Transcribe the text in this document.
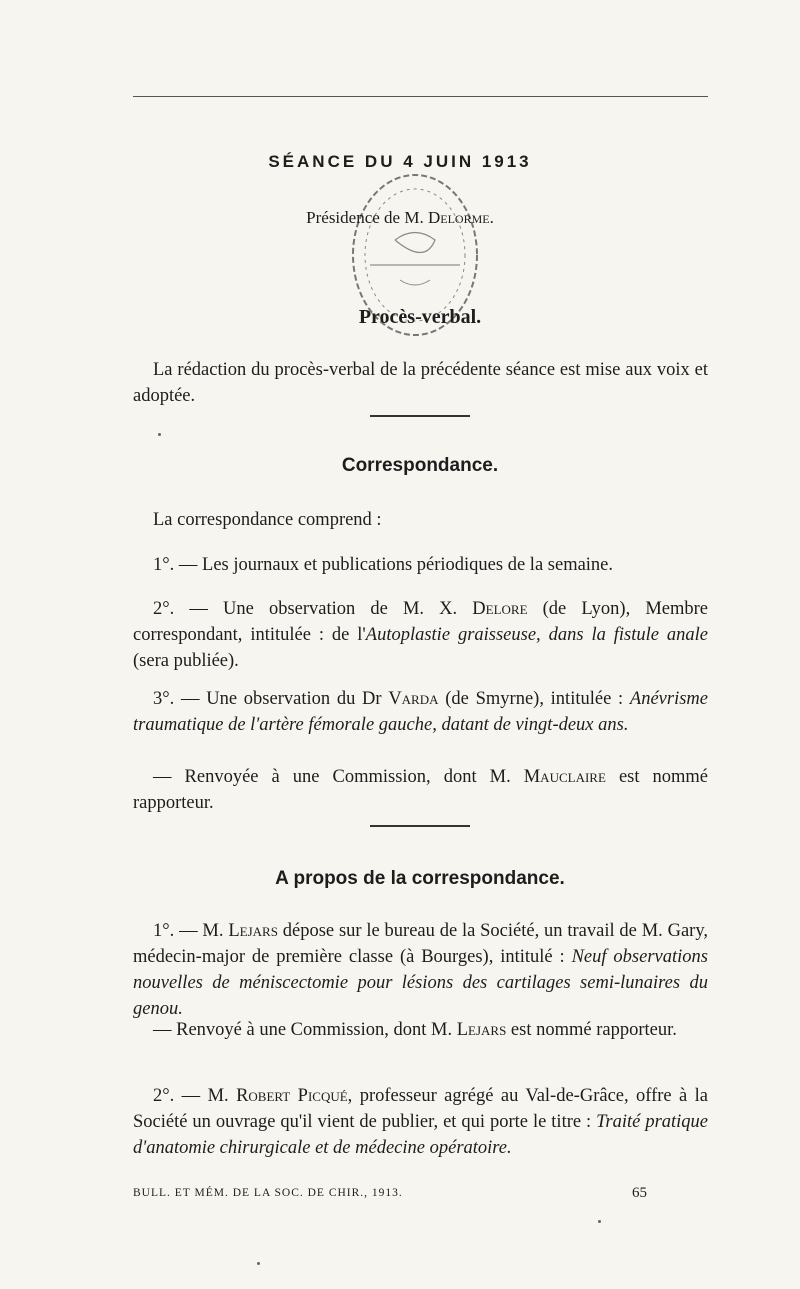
SÉANCE DU 4 JUIN 1913
Présidence de M. Delorme.
Procès-verbal.
La rédaction du procès-verbal de la précédente séance est mise aux voix et adoptée.
Correspondance.
La correspondance comprend :
1°. — Les journaux et publications périodiques de la semaine.
2°. — Une observation de M. X. Delore (de Lyon), Membre correspondant, intitulée : de l'Autoplastie graisseuse, dans la fistule anale (sera publiée).
3°. — Une observation du Dr Varda (de Smyrne), intitulée : Anévrisme traumatique de l'artère fémorale gauche, datant de vingt-deux ans.
— Renvoyée à une Commission, dont M. Mauclaire est nommé rapporteur.
A propos de la correspondance.
1°. — M. Lejars dépose sur le bureau de la Société, un travail de M. Gary, médecin-major de première classe (à Bourges), intitulé : Neuf observations nouvelles de méniscectomie pour lésions des cartilages semi-lunaires du genou.
— Renvoyé à une Commission, dont M. Lejars est nommé rapporteur.
2°. — M. Robert Picqué, professeur agrégé au Val-de-Grâce, offre à la Société un ouvrage qu'il vient de publier, et qui porte le titre : Traité pratique d'anatomie chirurgicale et de médecine opératoire.
BULL. ET MÉM. DE LA SOC. DE CHIR., 1913.	65
